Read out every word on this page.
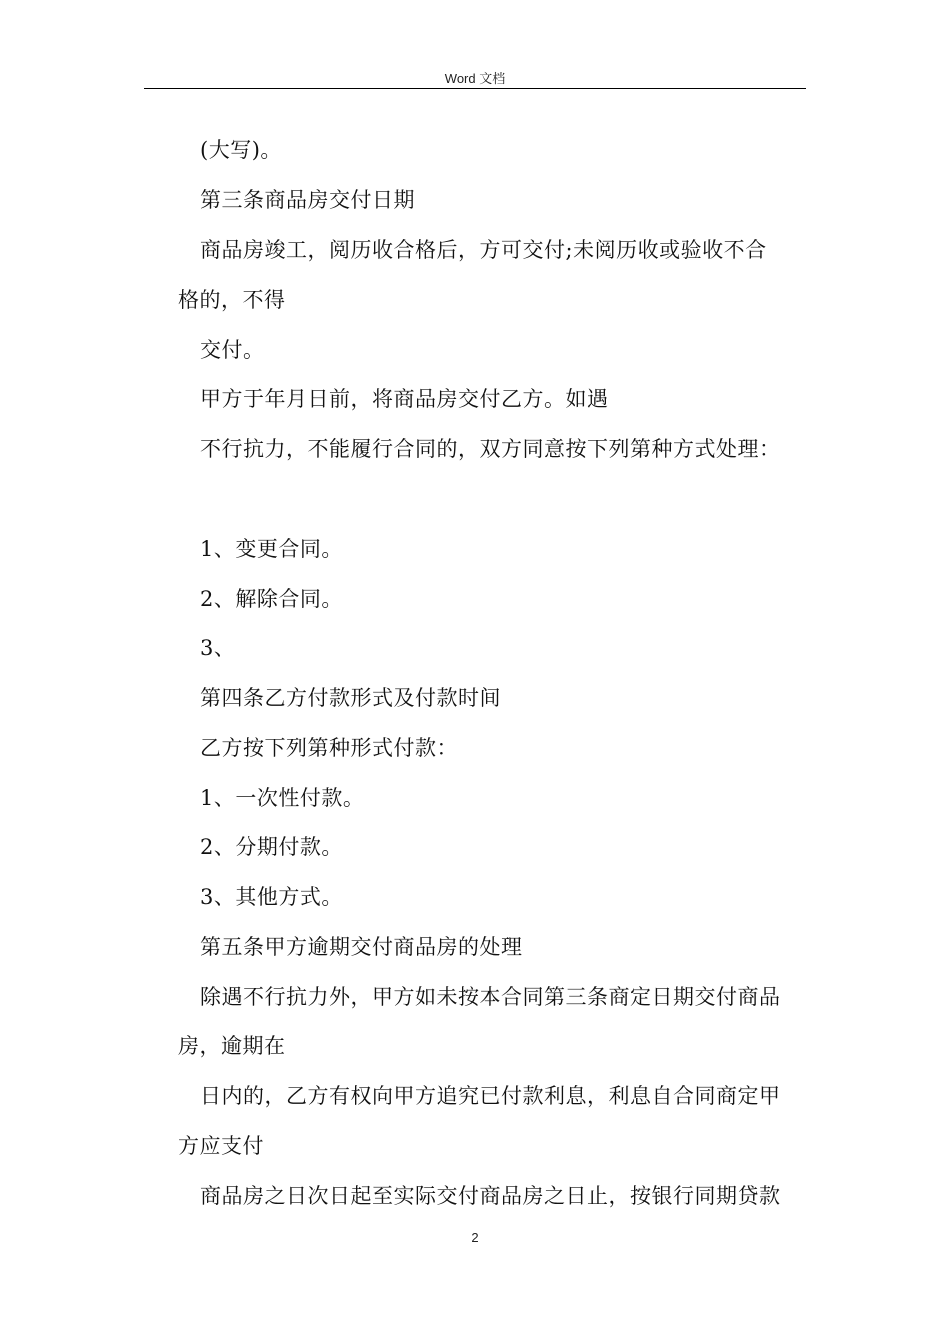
Word 文档
(大写)。
第三条商品房交付日期
商品房竣工，阅历收合格后，方可交付;未阅历收或验收不合
格的，不得
交付。
甲方于年月日前，将商品房交付乙方。如遇
不行抗力，不能履行合同的，双方同意按下列第种方式处理：
1、变更合同。
2、解除合同。
3、
第四条乙方付款形式及付款时间
乙方按下列第种形式付款：
1、一次性付款。
2、分期付款。
3、其他方式。
第五条甲方逾期交付商品房的处理
除遇不行抗力外，甲方如未按本合同第三条商定日期交付商品
房，逾期在
日内的，乙方有权向甲方追究已付款利息，利息自合同商定甲
方应支付
商品房之日次日起至实际交付商品房之日止，按银行同期贷款
2
